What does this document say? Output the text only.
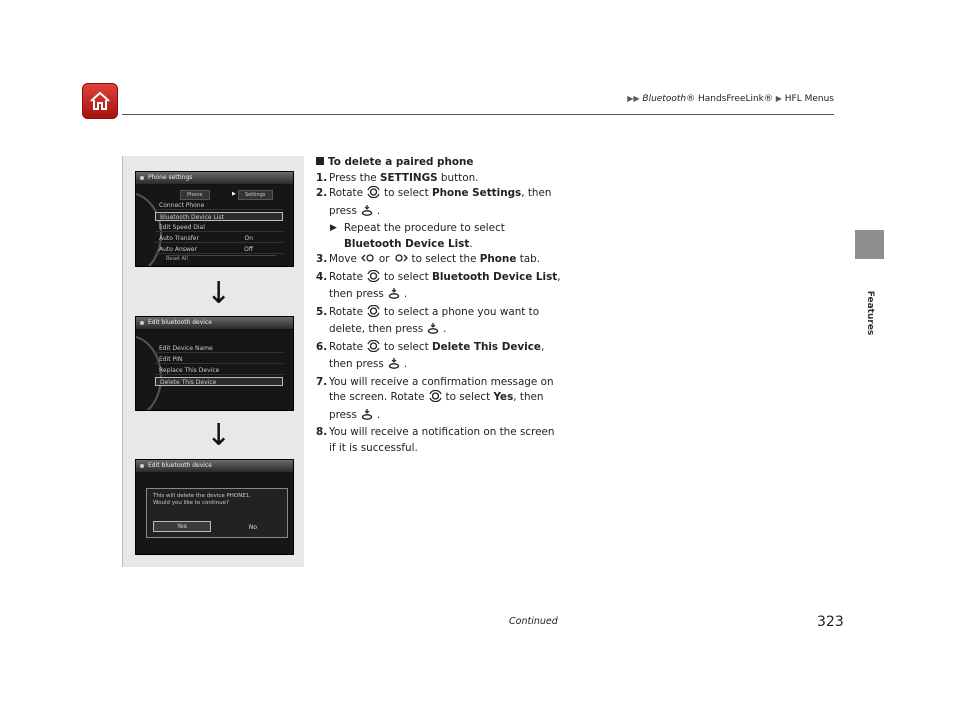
▶▶ Bluetooth® HandsFreeLink® ▶ HFL Menus
Features
Phone settings
Phone	▶	Settings
Connect Phone
Bluetooth Device List
Edit Speed Dial
Auto Transfer	On
Auto Answer	Off
Reset All
↓
Edit bluetooth device
Edit Device Name
Edit PIN
Replace This Device
Delete This Device
↓
Edit bluetooth device
This will delete the device PHONE1.
Would you like to continue?
Yes	No
To delete a paired phone
1. Press the SETTINGS button.
2. Rotate to select Phone Settings, then
press .
▶ Repeat the procedure to select
Bluetooth Device List.
3. Move or to select the Phone tab.
4. Rotate to select Bluetooth Device List,
then press .
5. Rotate to select a phone you want to
delete, then press .
6. Rotate to select Delete This Device,
then press .
7. You will receive a confirmation message on
the screen. Rotate to select Yes, then
press .
8. You will receive a notification on the screen
if it is successful.
Continued	323
